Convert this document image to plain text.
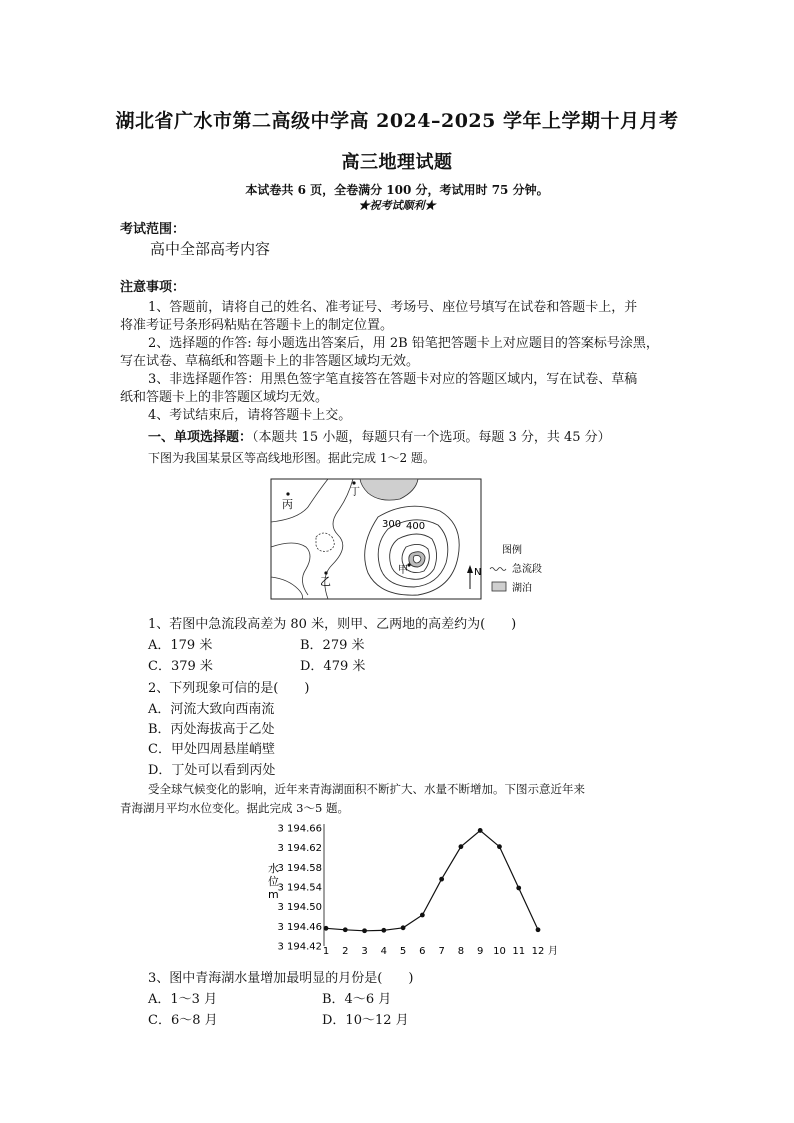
湖北省广水市第二高级中学高 2024–2025 学年上学期十月月考
高三地理试题
本试卷共 6 页，全卷满分 100 分，考试用时 75 分钟。
★祝考试顺利★
考试范围：
高中全部高考内容
注意事项：
1、答题前，请将自己的姓名、准考证号、考场号、座位号填写在试卷和答题卡上，并
将准考证号条形码粘贴在答题卡上的制定位置。
2、选择题的作答: 每小题选出答案后，用 2B 铅笔把答题卡上对应题目的答案标号涂黑，
写在试卷、草稿纸和答题卡上的非答题区域均无效。
3、非选择题作答：用黑色签字笔直接答在答题卡对应的答题区域内，写在试卷、草稿
纸和答题卡上的非答题区域均无效。
4、考试结束后，请将答题卡上交。
一、单项选择题：（本题共 15 小题，每题只有一个选项。每题 3 分，共 45 分）
下图为我国某景区等高线地形图。据此完成 1～2 题。
丙
丁
乙
甲
300 400
N
图例
急流段
湖泊
1、若图中急流段高差为 80 米，则甲、乙两地的高差约为(　　)
A．179 米	B．279 米
C．379 米	D．479 米
2、下列现象可信的是(　　)
A．河流大致向西南流
B．丙处海拔高于乙处
C．甲处四周悬崖峭壁
D．丁处可以看到丙处
受全球气候变化的影响，近年来青海湖面积不断扩大、水量不断增加。下图示意近年来
青海湖月平均水位变化。据此完成 3～5 题。
3 194.66
3 194.62
3 194.58
3 194.54
3 194.50
3 194.46
3 194.42 1 2 3 4 5 6 7 8 9 10 11 12
水
位
m
月
3、图中青海湖水量增加最明显的月份是(　　)
A．1～3 月	B．4～6 月
C．6～8 月	D．10～12 月
